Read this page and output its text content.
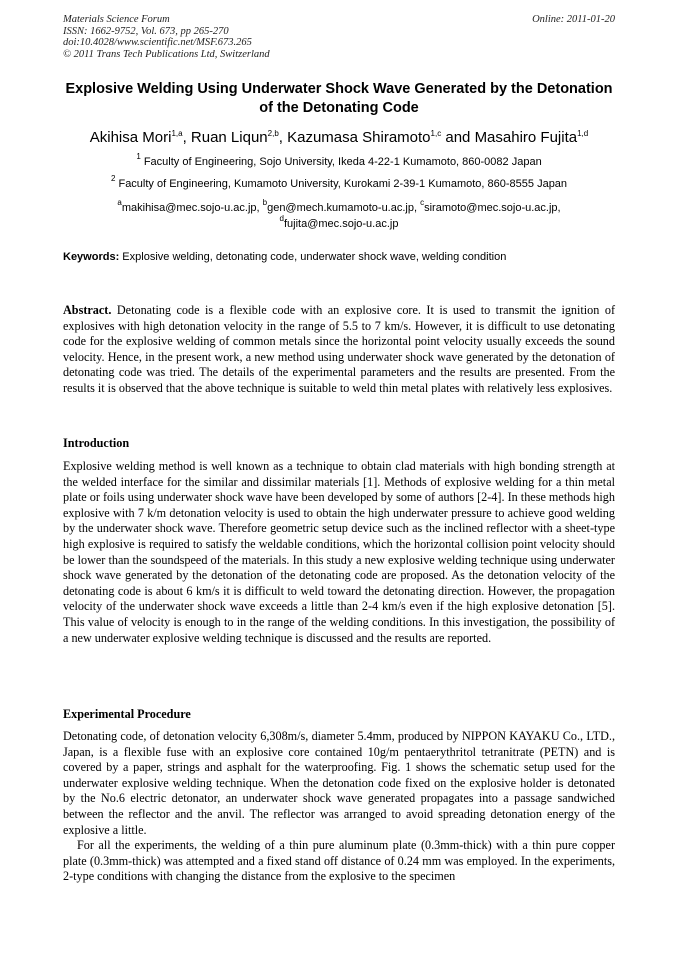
Materials Science Forum
ISSN: 1662-9752, Vol. 673, pp 265-270
doi:10.4028/www.scientific.net/MSF.673.265
© 2011 Trans Tech Publications Ltd, Switzerland
Online: 2011-01-20
Explosive Welding Using Underwater Shock Wave Generated by the Detonation of the Detonating Code
Akihisa Mori$^{1,a}$, Ruan Liqun$^{2,b}$, Kazumasa Shiramoto$^{1,c}$ and Masahiro Fujita$^{1,d}$
$^1$ Faculty of Engineering, Sojo University, Ikeda 4-22-1 Kumamoto, 860-0082 Japan
$^2$ Faculty of Engineering, Kumamoto University, Kurokami 2-39-1 Kumamoto, 860-8555 Japan
$^a$makihisa@mec.sojo-u.ac.jp, $^b$gen@mech.kumamoto-u.ac.jp, $^c$siramoto@mec.sojo-u.ac.jp,
$^d$fujita@mec.sojo-u.ac.jp
Keywords: Explosive welding, detonating code, underwater shock wave, welding condition

Abstract. Detonating code is a flexible code with an explosive core. It is used to transmit the ignition of explosives with high detonation velocity in the range of 5.5 to 7 km/s. However, it is difficult to use detonating code for the explosive welding of common metals since the horizontal point velocity usually exceeds the sound velocity. Hence, in the present work, a new method using underwater shock wave generated by the detonation of detonating code was tried. The details of the experimental parameters and the results are presented. From the results it is observed that the above technique is suitable to weld thin metal plates with relatively less explosives.

Introduction

Explosive welding method is well known as a technique to obtain clad materials with high bonding strength at the welded interface for the similar and dissimilar materials [1]. Methods of explosive welding for a thin metal plate or foils using underwater shock wave have been developed by some of authors [2-4]. In these methods high explosive with 7 k/m detonation velocity is used to obtain the high underwater pressure to achieve good welding by the underwater shock wave. Therefore geometric setup device such as the inclined reflector with a sheet-type high explosive is required to satisfy the weldable conditions, which the horizontal collision point velocity should be lower than the soundspeed of the materials. In this study a new explosive welding technique using underwater shock wave generated by the detonation of the detonating code are proposed. As the detonation velocity of the detonating code is about 6 km/s it is difficult to weld toward the detonating direction. However, the propagation velocity of the underwater shock wave exceeds a little than 2-4 km/s even if the high explosive detonation [5]. This value of velocity is enough to in the range of the welding conditions. In this investigation, the possibility of a new underwater explosive welding technique is discussed and the results are reported.

Experimental Procedure

Detonating code, of detonation velocity 6,308m/s, diameter 5.4mm, produced by NIPPON KAYAKU Co., LTD., Japan, is a flexible fuse with an explosive core contained 10g/m pentaerythritol tetranitrate (PETN) and is covered by a paper, strings and asphalt for the waterproofing. Fig. 1 shows the schematic setup used for the underwater explosive welding technique. When the detonation code fixed on the explosive holder is detonated by the No.6 electric detonator, an underwater shock wave generated propagates into a passage sandwiched between the reflector and the anvil. The reflector was arranged to avoid spreading detonation energy of the explosive a little.

For all the experiments, the welding of a thin pure aluminum plate (0.3mm-thick) with a thin pure copper plate (0.3mm-thick) was attempted and a fixed stand off distance of 0.24 mm was employed. In the experiments, 2-type conditions with changing the distance from the explosive to the specimen
